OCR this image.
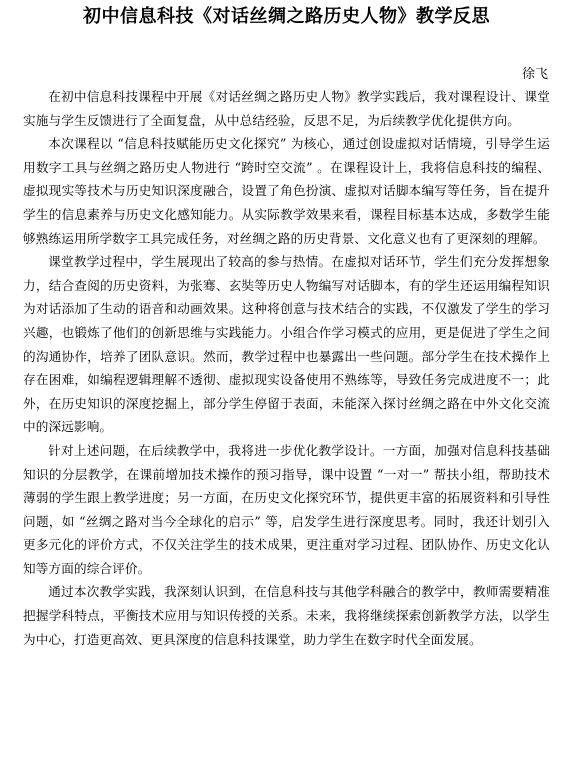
初中信息科技《对话丝绸之路历史人物》教学反思
徐飞

在初中信息科技课程中开展《对话丝绸之路历史人物》教学实践后，我对课程设计、课堂实施与学生反馈进行了全面复盘，从中总结经验，反思不足，为后续教学优化提供方向。

本次课程以 “信息科技赋能历史文化探究” 为核心，通过创设虚拟对话情境，引导学生运用数字工具与丝绸之路历史人物进行 “跨时空交流” 。在课程设计上，我将信息科技的编程、虚拟现实等技术与历史知识深度融合，设置了角色扮演、虚拟对话脚本编写等任务，旨在提升学生的信息素养与历史文化感知能力。从实际教学效果来看，课程目标基本达成，多数学生能够熟练运用所学数字工具完成任务，对丝绸之路的历史背景、文化意义也有了更深刻的理解。

课堂教学过程中，学生展现出了较高的参与热情。在虚拟对话环节，学生们充分发挥想象力，结合查阅的历史资料，为张骞、玄奘等历史人物编写对话脚本，有的学生还运用编程知识为对话添加了生动的语音和动画效果。这种将创意与技术结合的实践，不仅激发了学生的学习兴趣，也锻炼了他们的创新思维与实践能力。小组合作学习模式的应用，更是促进了学生之间的沟通协作，培养了团队意识。然而，教学过程中也暴露出一些问题。部分学生在技术操作上存在困难，如编程逻辑理解不透彻、虚拟现实设备使用不熟练等，导致任务完成进度不一；此外，在历史知识的深度挖掘上，部分学生停留于表面，未能深入探讨丝绸之路在中外文化交流中的深远影响。

针对上述问题，在后续教学中，我将进一步优化教学设计。一方面，加强对信息科技基础知识的分层教学，在课前增加技术操作的预习指导，课中设置 “一对一” 帮扶小组，帮助技术薄弱的学生跟上教学进度；另一方面，在历史文化探究环节，提供更丰富的拓展资料和引导性问题，如 “丝绸之路对当今全球化的启示” 等，启发学生进行深度思考。同时，我还计划引入更多元化的评价方式，不仅关注学生的技术成果，更注重对学习过程、团队协作、历史文化认知等方面的综合评价。

通过本次教学实践，我深刻认识到，在信息科技与其他学科融合的教学中，教师需要精准把握学科特点，平衡技术应用与知识传授的关系。未来，我将继续探索创新教学方法，以学生为中心，打造更高效、更具深度的信息科技课堂，助力学生在数字时代全面发展。
